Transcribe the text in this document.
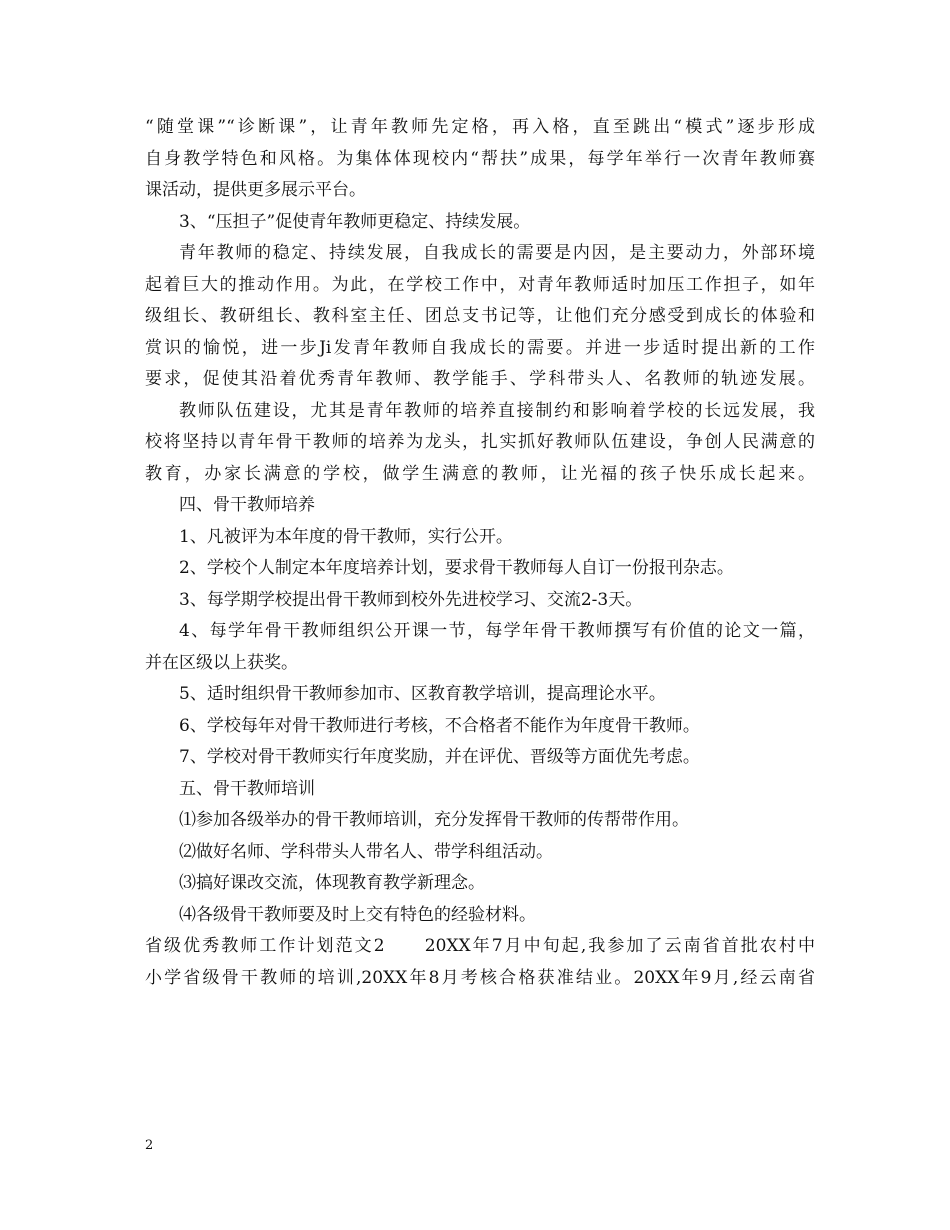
“随堂课”“诊断课”，让青年教师先定格，再入格，直至跳出“模式”逐步形成
自身教学特色和风格。为集体体现校内“帮扶”成果，每学年举行一次青年教师赛
课活动，提供更多展示平台。
3、“压担子”促使青年教师更稳定、持续发展。
青年教师的稳定、持续发展，自我成长的需要是内因，是主要动力，外部环境
起着巨大的推动作用。为此，在学校工作中，对青年教师适时加压工作担子，如年
级组长、教研组长、教科室主任、团总支书记等，让他们充分感受到成长的体验和
赏识的愉悦，进一步Ji发青年教师自我成长的需要。并进一步适时提出新的工作
要求，促使其沿着优秀青年教师、教学能手、学科带头人、名教师的轨迹发展。
教师队伍建设，尤其是青年教师的培养直接制约和影响着学校的长远发展，我
校将坚持以青年骨干教师的培养为龙头，扎实抓好教师队伍建设，争创人民满意的
教育，办家长满意的学校，做学生满意的教师，让光福的孩子快乐成长起来。
四、骨干教师培养
1、凡被评为本年度的骨干教师，实行公开。
2、学校个人制定本年度培养计划，要求骨干教师每人自订一份报刊杂志。
3、每学期学校提出骨干教师到校外先进校学习、交流2-3天。
4、每学年骨干教师组织公开课一节，每学年骨干教师撰写有价值的论文一篇，
并在区级以上获奖。
5、适时组织骨干教师参加市、区教育教学培训，提高理论水平。
6、学校每年对骨干教师进行考核，不合格者不能作为年度骨干教师。
7、学校对骨干教师实行年度奖励，并在评优、晋级等方面优先考虑。
五、骨干教师培训
⑴参加各级举办的骨干教师培训，充分发挥骨干教师的传帮带作用。
⑵做好名师、学科带头人带名人、带学科组活动。
⑶搞好课改交流，体现教育教学新理念。
⑷各级骨干教师要及时上交有特色的经验材料。
省级优秀教师工作计划范文2　　20XX年7月中旬起,我参加了云南省首批农村中
小学省级骨干教师的培训,20XX年8月考核合格获准结业。20XX年9月,经云南省
2
